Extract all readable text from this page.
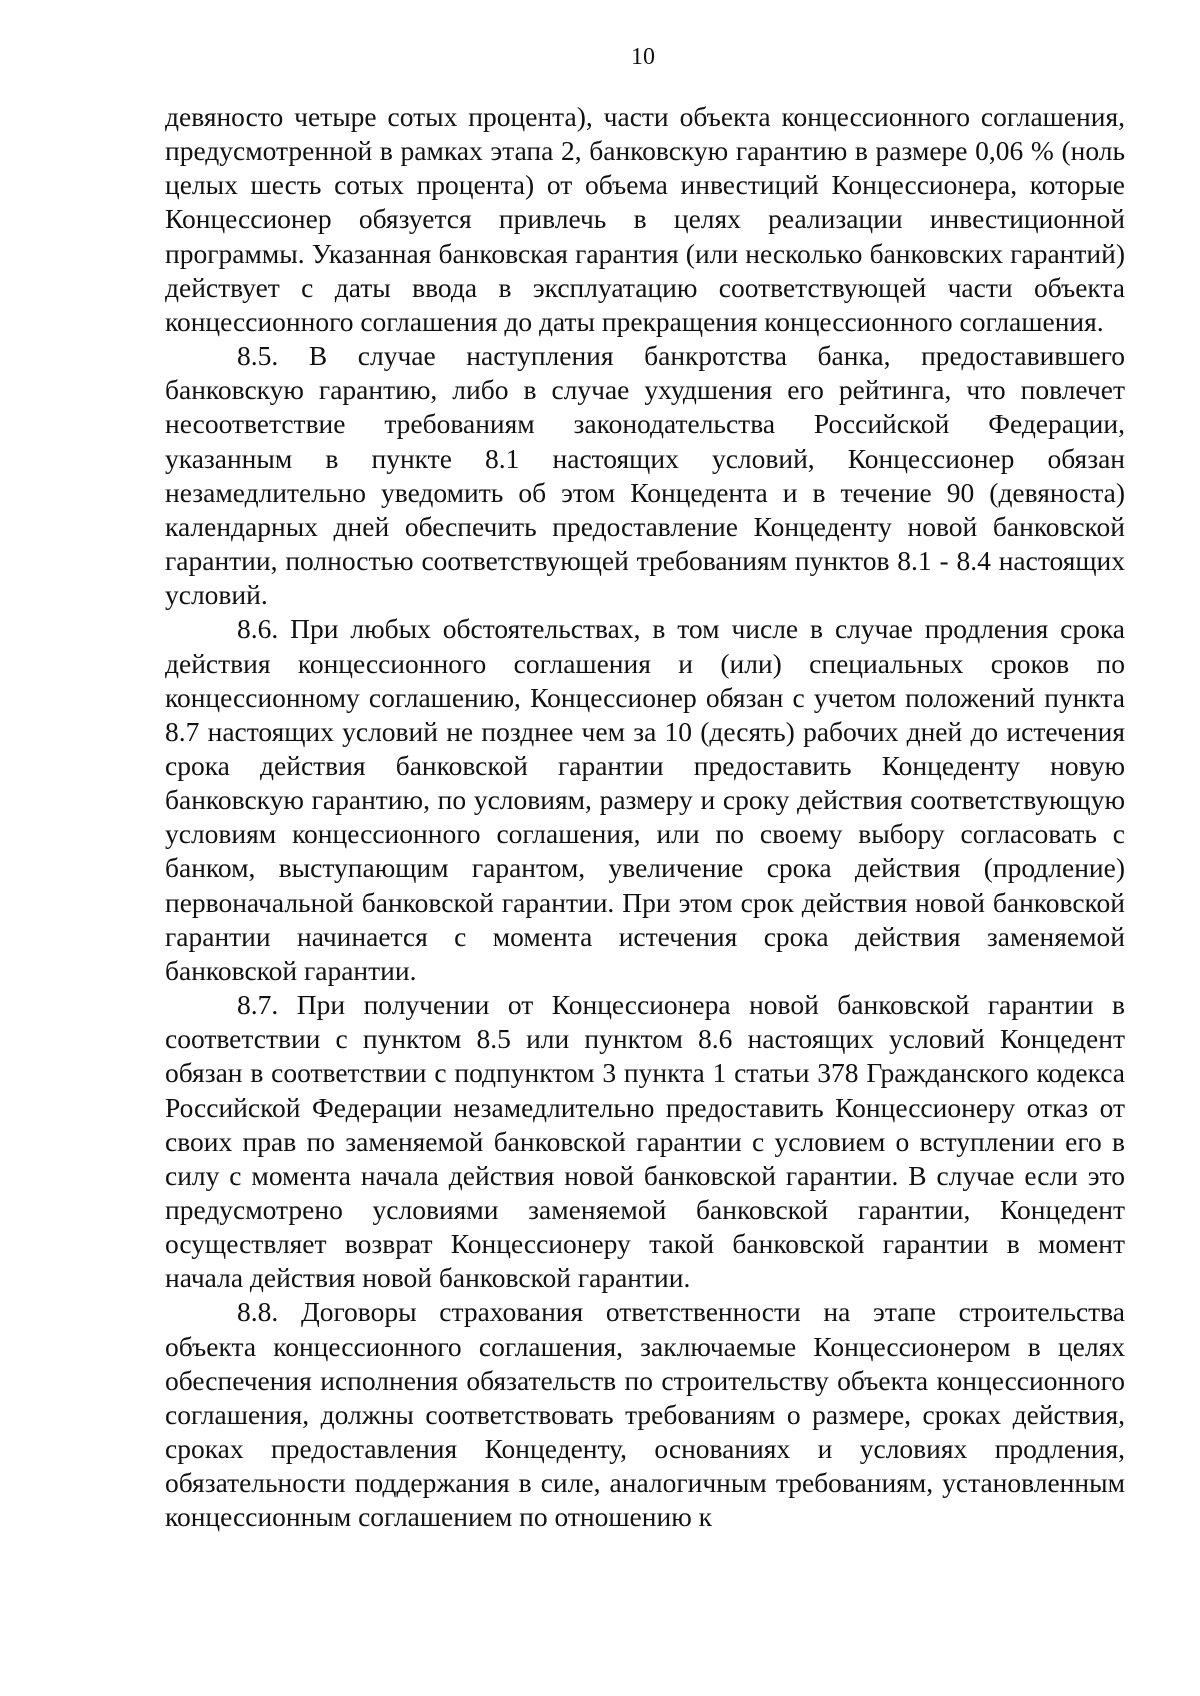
10

девяносто четыре сотых процента), части объекта концессионного соглашения, предусмотренной в рамках этапа 2, банковскую гарантию в размере 0,06 % (ноль целых шесть сотых процента) от объема инвестиций Концессионера, которые Концессионер обязуется привлечь в целях реализации инвестиционной программы. Указанная банковская гарантия (или несколько банковских гарантий) действует с даты ввода в эксплуатацию соответствующей части объекта концессионного соглашения до даты прекращения концессионного соглашения.

8.5. В случае наступления банкротства банка, предоставившего банковскую гарантию, либо в случае ухудшения его рейтинга, что повлечет несоответствие требованиям законодательства Российской Федерации, указанным в пункте 8.1 настоящих условий, Концессионер обязан незамедлительно уведомить об этом Концедента и в течение 90 (девяноста) календарных дней обеспечить предоставление Концеденту новой банковской гарантии, полностью соответствующей требованиям пунктов 8.1 - 8.4 настоящих условий.

8.6. При любых обстоятельствах, в том числе в случае продления срока действия концессионного соглашения и (или) специальных сроков по концессионному соглашению, Концессионер обязан с учетом положений пункта 8.7 настоящих условий не позднее чем за 10 (десять) рабочих дней до истечения срока действия банковской гарантии предоставить Концеденту новую банковскую гарантию, по условиям, размеру и сроку действия соответствующую условиям концессионного соглашения, или по своему выбору согласовать с банком, выступающим гарантом, увеличение срока действия (продление) первоначальной банковской гарантии. При этом срок действия новой банковской гарантии начинается с момента истечения срока действия заменяемой банковской гарантии.

8.7. При получении от Концессионера новой банковской гарантии в соответствии с пунктом 8.5 или пунктом 8.6 настоящих условий Концедент обязан в соответствии с подпунктом 3 пункта 1 статьи 378 Гражданского кодекса Российской Федерации незамедлительно предоставить Концессионеру отказ от своих прав по заменяемой банковской гарантии с условием о вступлении его в силу с момента начала действия новой банковской гарантии. В случае если это предусмотрено условиями заменяемой банковской гарантии, Концедент осуществляет возврат Концессионеру такой банковской гарантии в момент начала действия новой банковской гарантии.

8.8. Договоры страхования ответственности на этапе строительства объекта концессионного соглашения, заключаемые Концессионером в целях обеспечения исполнения обязательств по строительству объекта концессионного соглашения, должны соответствовать требованиям о размере, сроках действия, сроках предоставления Концеденту, основаниях и условиях продления, обязательности поддержания в силе, аналогичным требованиям, установленным концессионным соглашением по отношению к
